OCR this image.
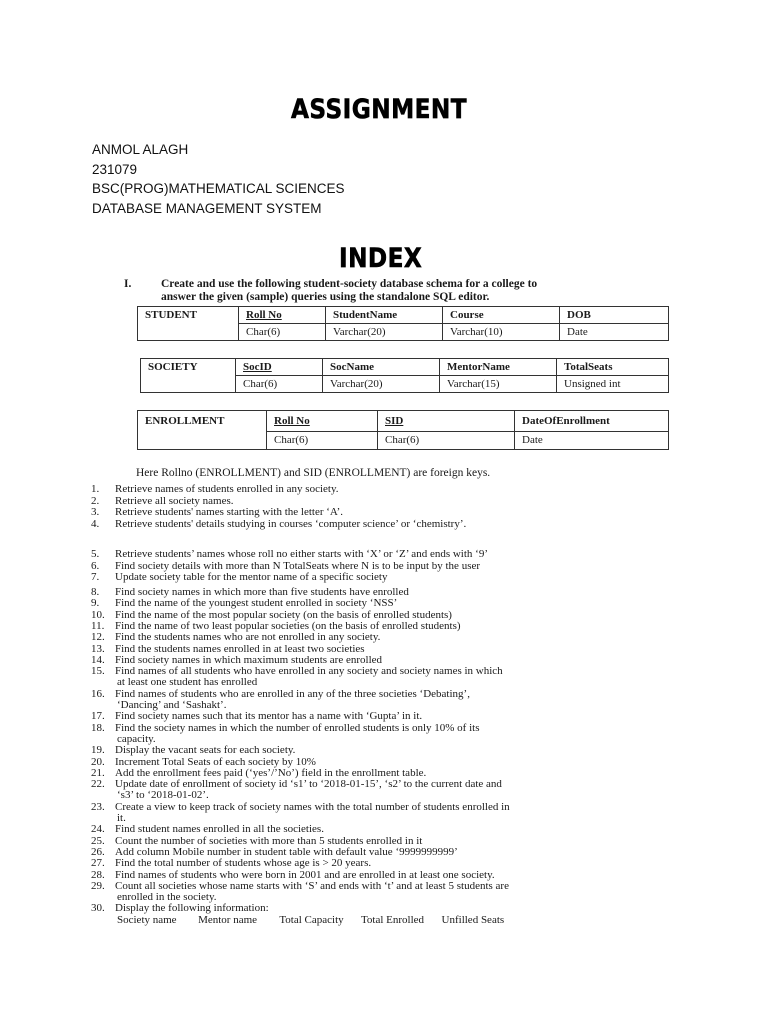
ASSIGNMENT
ANMOL ALAGH
231079
BSC(PROG)MATHEMATICAL SCIENCES
DATABASE MANAGEMENT SYSTEM
INDEX
I.	Create and use the following student-society database schema for a college to
answer the given (sample) queries using the standalone SQL editor.
STUDENT	Roll No	StudentName	Course	DOB
	Char(6)	Varchar(20)	Varchar(10)	Date
SOCIETY	SocID	SocName	MentorName	TotalSeats
	Char(6)	Varchar(20)	Varchar(15)	Unsigned int
ENROLLMENT	Roll No	SID	DateOfEnrollment
	Char(6)	Char(6)	Date
Here Rollno (ENROLLMENT) and SID (ENROLLMENT) are foreign keys.
1. Retrieve names of students enrolled in any society.
2. Retrieve all society names.
3. Retrieve students' names starting with the letter ‘A’.
4. Retrieve students' details studying in courses ‘computer science’ or ‘chemistry’.
5. Retrieve students’ names whose roll no either starts with ‘X’ or ‘Z’ and ends with ‘9’
6. Find society details with more than N TotalSeats where N is to be input by the user
7. Update society table for the mentor name of a specific society
8. Find society names in which more than five students have enrolled
9. Find the name of the youngest student enrolled in society ‘NSS’
10. Find the name of the most popular society (on the basis of enrolled students)
11. Find the name of two least popular societies (on the basis of enrolled students)
12. Find the students names who are not enrolled in any society.
13. Find the students names enrolled in at least two societies
14. Find society names in which maximum students are enrolled
15. Find names of all students who have enrolled in any society and society names in which
at least one student has enrolled
16. Find names of students who are enrolled in any of the three societies ‘Debating’,
‘Dancing’ and ‘Sashakt’.
17. Find society names such that its mentor has a name with ‘Gupta’ in it.
18. Find the society names in which the number of enrolled students is only 10% of its
capacity.
19. Display the vacant seats for each society.
20. Increment Total Seats of each society by 10%
21. Add the enrollment fees paid (‘yes’/’No’) field in the enrollment table.
22. Update date of enrollment of society id ‘s1’ to ‘2018-01-15’, ‘s2’ to the current date and
‘s3’ to ‘2018-01-02’.
23. Create a view to keep track of society names with the total number of students enrolled in
it.
24. Find student names enrolled in all the societies.
25. Count the number of societies with more than 5 students enrolled in it
26. Add column Mobile number in student table with default value ‘9999999999’
27. Find the total number of students whose age is > 20 years.
28. Find names of students who were born in 2001 and are enrolled in at least one society.
29. Count all societies whose name starts with ‘S’ and ends with ‘t’ and at least 5 students are
enrolled in the society.
30. Display the following information:
Society name Mentor name Total Capacity Total Enrolled Unfilled Seats
